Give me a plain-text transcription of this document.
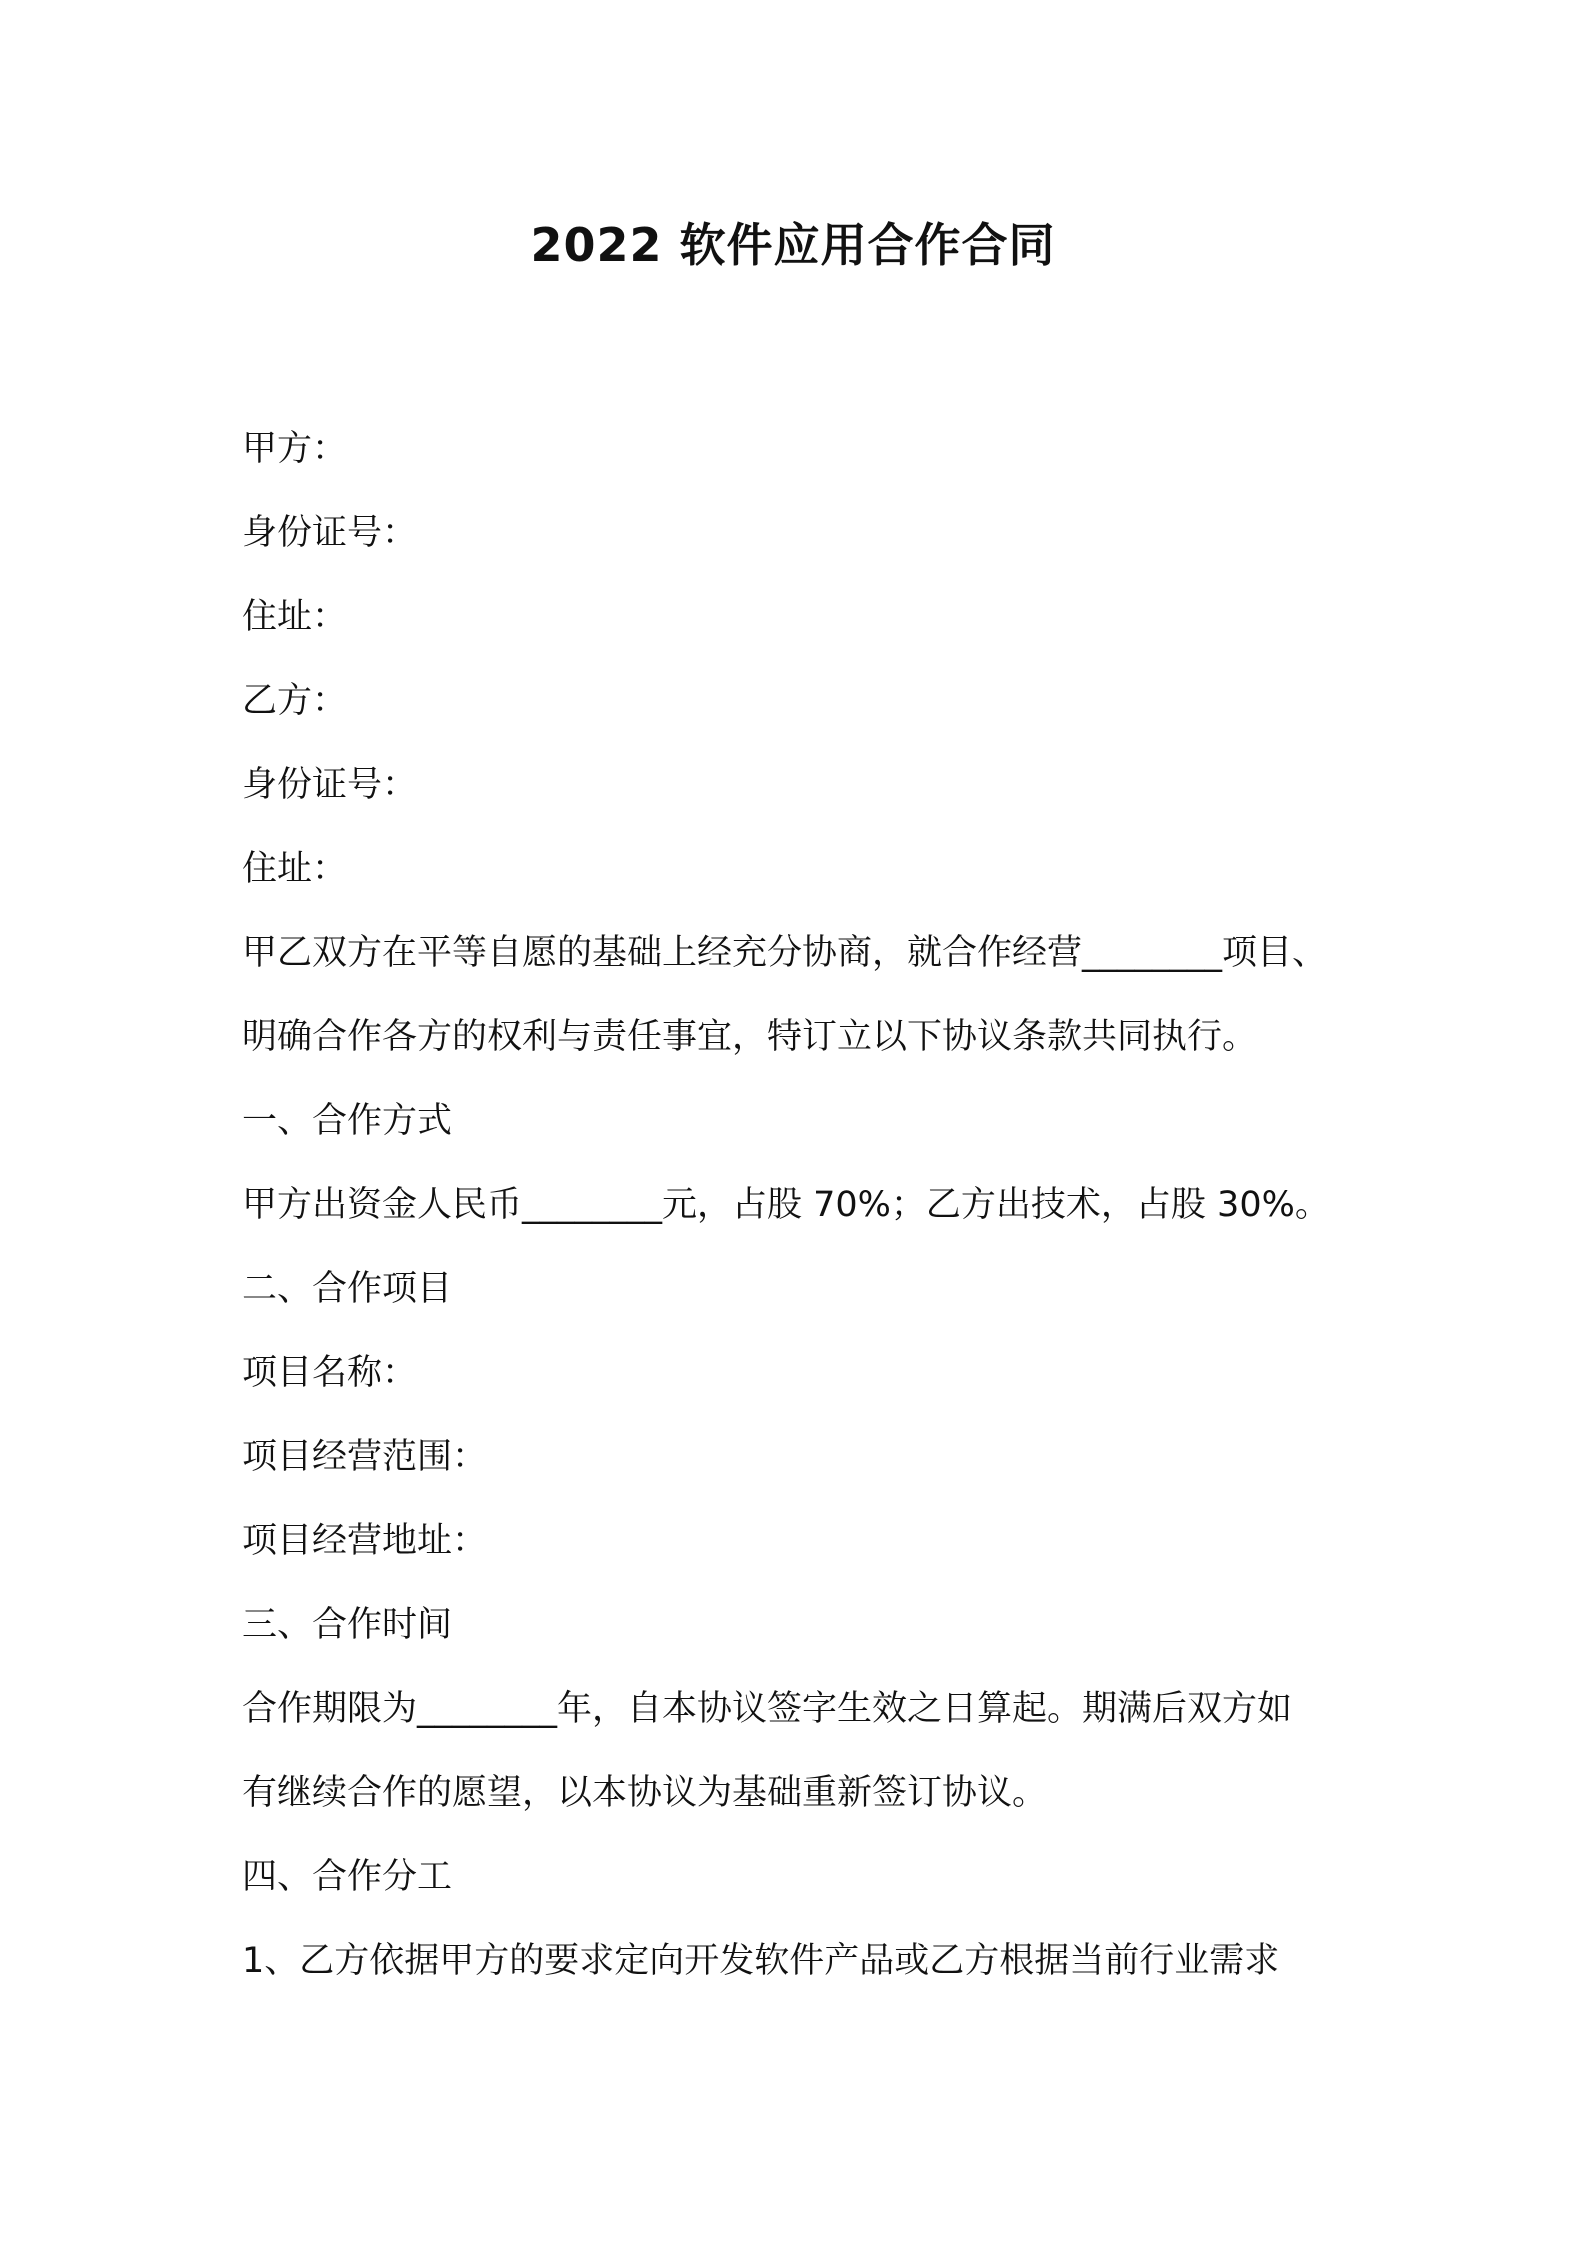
2022 软件应用合作合同

甲方：

身份证号：

住址：

乙方：

身份证号：

住址：

甲乙双方在平等自愿的基础上经充分协商，就合作经营________项目、

明确合作各方的权利与责任事宜，特订立以下协议条款共同执行。

一、合作方式

甲方出资金人民币________元，占股 70%；乙方出技术，占股 30%。

二、合作项目

项目名称：

项目经营范围：

项目经营地址：

三、合作时间

合作期限为________年，自本协议签字生效之日算起。期满后双方如

有继续合作的愿望，以本协议为基础重新签订协议。

四、合作分工

1、乙方依据甲方的要求定向开发软件产品或乙方根据当前行业需求
